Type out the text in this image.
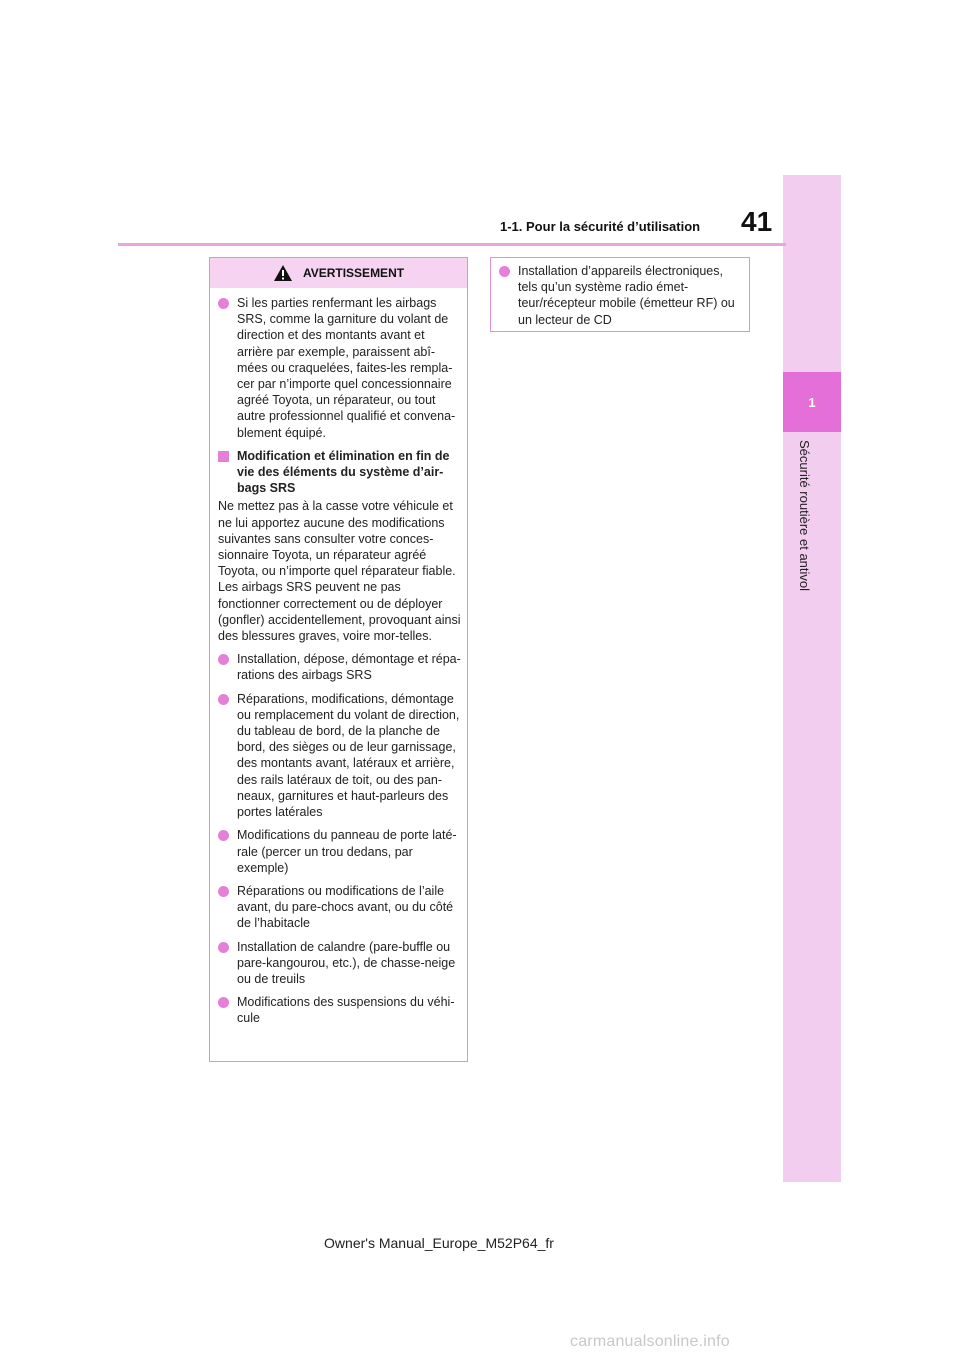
1
Sécurité routière et antivol
41
1-1. Pour la sécurité d’utilisation
AVERTISSEMENT
Si les parties renfermant les airbags SRS, comme la garniture du volant de direction et des montants avant et arrière par exemple, paraissent abî-mées ou craquelées, faites-les rempla-cer par n’importe quel concessionnaire agréé Toyota, un réparateur, ou tout autre professionnel qualifié et convena-blement équipé.
Modification et élimination en fin de vie des éléments du système d’air-bags SRS
Ne mettez pas à la casse votre véhicule et ne lui apportez aucune des modifications suivantes sans consulter votre conces-sionnaire Toyota, un réparateur agréé Toyota, ou n’importe quel réparateur fiable. Les airbags SRS peuvent ne pas fonctionner correctement ou de déployer (gonfler) accidentellement, provoquant ainsi des blessures graves, voire mor-telles.
Installation, dépose, démontage et répa-rations des airbags SRS
Réparations, modifications, démontage ou remplacement du volant de direction, du tableau de bord, de la planche de bord, des sièges ou de leur garnissage, des montants avant, latéraux et arrière, des rails latéraux de toit, ou des pan-neaux, garnitures et haut-parleurs des portes latérales
Modifications du panneau de porte laté-rale (percer un trou dedans, par exemple)
Réparations ou modifications de l’aile avant, du pare-chocs avant, ou du côté de l’habitacle
Installation de calandre (pare-buffle ou pare-kangourou, etc.), de chasse-neige ou de treuils
Modifications des suspensions du véhi-cule
Installation d’appareils électroniques, tels qu’un système radio émet-teur/récepteur mobile (émetteur RF) ou un lecteur de CD
Owner's Manual_Europe_M52P64_fr
carmanualsonline.info
